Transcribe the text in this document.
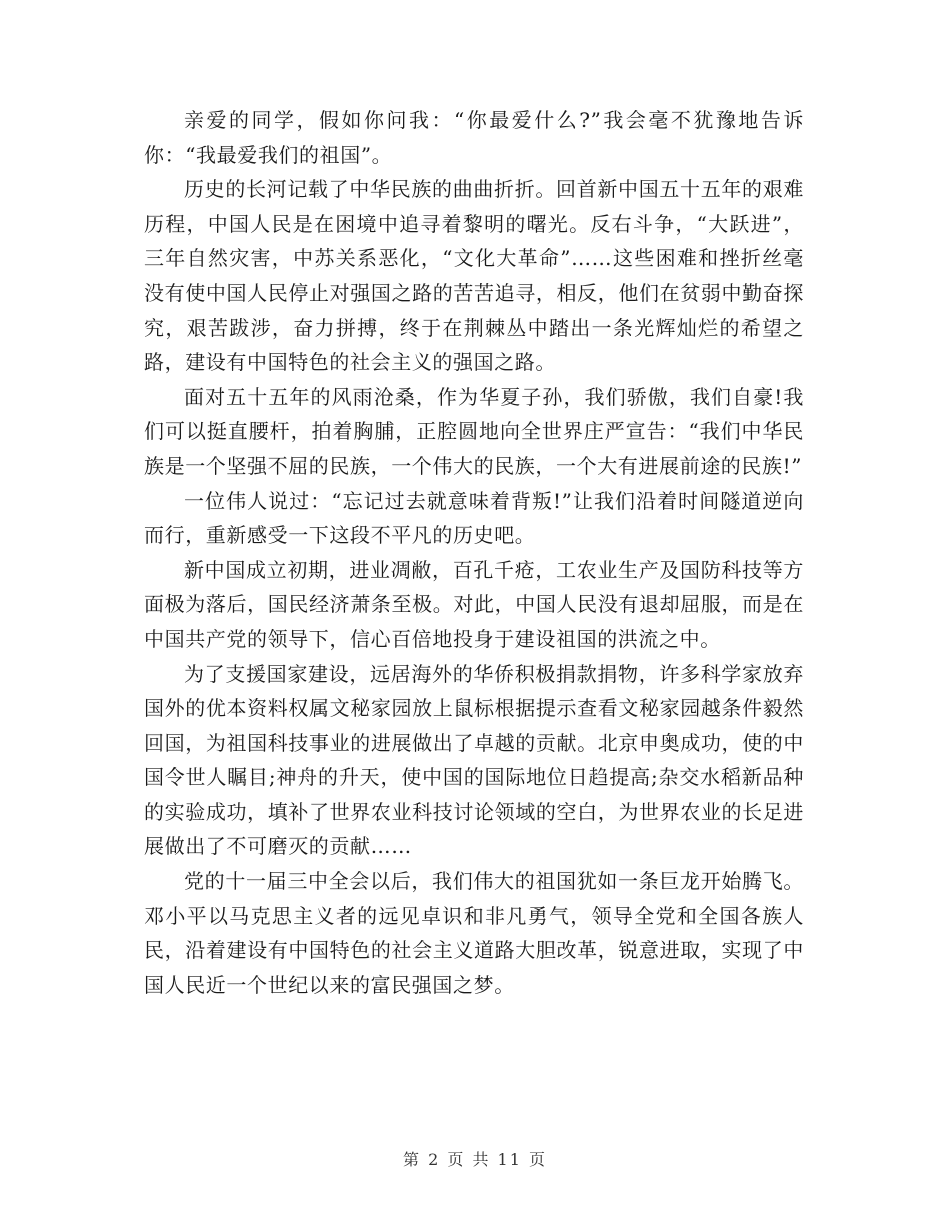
亲爱的同学，假如你问我：“你最爱什么?”我会毫不犹豫地告诉你：“我最爱我们的祖国”。

历史的长河记载了中华民族的曲曲折折。回首新中国五十五年的艰难历程，中国人民是在困境中追寻着黎明的曙光。反右斗争，“大跃进”，三年自然灾害，中苏关系恶化，“文化大革命”……这些困难和挫折丝毫没有使中国人民停止对强国之路的苦苦追寻，相反，他们在贫弱中勤奋探究，艰苦跋涉，奋力拼搏，终于在荆棘丛中踏出一条光辉灿烂的希望之路，建设有中国特色的社会主义的强国之路。

面对五十五年的风雨沧桑，作为华夏子孙，我们骄傲，我们自豪!我们可以挺直腰杆，拍着胸脯，正腔圆地向全世界庄严宣告：“我们中华民族是一个坚强不屈的民族，一个伟大的民族，一个大有进展前途的民族!”

一位伟人说过：“忘记过去就意味着背叛!”让我们沿着时间隧道逆向而行，重新感受一下这段不平凡的历史吧。

新中国成立初期，进业凋敝，百孔千疮，工农业生产及国防科技等方面极为落后，国民经济萧条至极。对此，中国人民没有退却屈服，而是在中国共产党的领导下，信心百倍地投身于建设祖国的洪流之中。

为了支援国家建设，远居海外的华侨积极捐款捐物，许多科学家放弃国外的优本资料权属文秘家园放上鼠标根据提示查看文秘家园越条件毅然回国，为祖国科技事业的进展做出了卓越的贡献。北京申奥成功，使的中国令世人瞩目;神舟的升天，使中国的国际地位日趋提高;杂交水稻新品种的实验成功，填补了世界农业科技讨论领域的空白，为世界农业的长足进展做出了不可磨灭的贡献……

党的十一届三中全会以后，我们伟大的祖国犹如一条巨龙开始腾飞。邓小平以马克思主义者的远见卓识和非凡勇气，领导全党和全国各族人民，沿着建设有中国特色的社会主义道路大胆改革，锐意进取，实现了中国人民近一个世纪以来的富民强国之梦。

第 2 页 共 11 页
